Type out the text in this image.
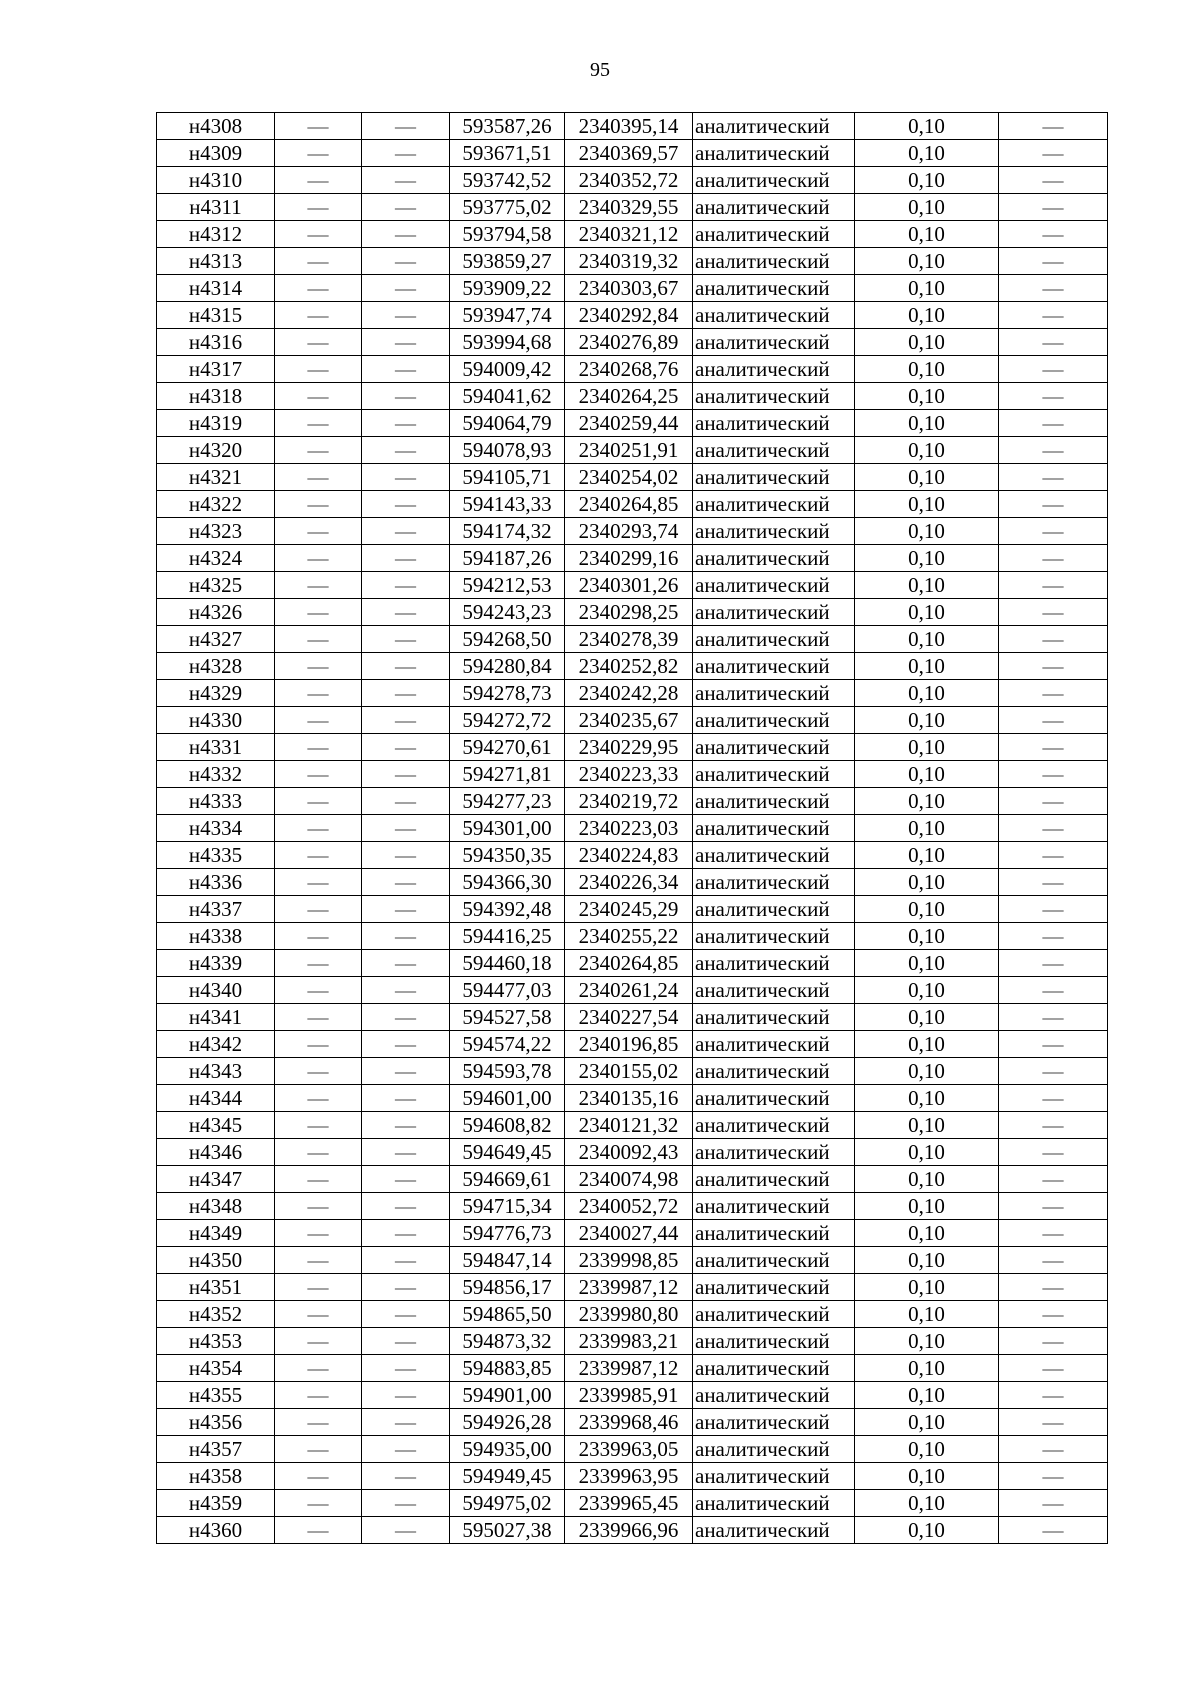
95
н4308	—	—	593587,26	2340395,14	аналитический	0,10	—
н4309	—	—	593671,51	2340369,57	аналитический	0,10	—
н4310	—	—	593742,52	2340352,72	аналитический	0,10	—
н4311	—	—	593775,02	2340329,55	аналитический	0,10	—
н4312	—	—	593794,58	2340321,12	аналитический	0,10	—
н4313	—	—	593859,27	2340319,32	аналитический	0,10	—
н4314	—	—	593909,22	2340303,67	аналитический	0,10	—
н4315	—	—	593947,74	2340292,84	аналитический	0,10	—
н4316	—	—	593994,68	2340276,89	аналитический	0,10	—
н4317	—	—	594009,42	2340268,76	аналитический	0,10	—
н4318	—	—	594041,62	2340264,25	аналитический	0,10	—
н4319	—	—	594064,79	2340259,44	аналитический	0,10	—
н4320	—	—	594078,93	2340251,91	аналитический	0,10	—
н4321	—	—	594105,71	2340254,02	аналитический	0,10	—
н4322	—	—	594143,33	2340264,85	аналитический	0,10	—
н4323	—	—	594174,32	2340293,74	аналитический	0,10	—
н4324	—	—	594187,26	2340299,16	аналитический	0,10	—
н4325	—	—	594212,53	2340301,26	аналитический	0,10	—
н4326	—	—	594243,23	2340298,25	аналитический	0,10	—
н4327	—	—	594268,50	2340278,39	аналитический	0,10	—
н4328	—	—	594280,84	2340252,82	аналитический	0,10	—
н4329	—	—	594278,73	2340242,28	аналитический	0,10	—
н4330	—	—	594272,72	2340235,67	аналитический	0,10	—
н4331	—	—	594270,61	2340229,95	аналитический	0,10	—
н4332	—	—	594271,81	2340223,33	аналитический	0,10	—
н4333	—	—	594277,23	2340219,72	аналитический	0,10	—
н4334	—	—	594301,00	2340223,03	аналитический	0,10	—
н4335	—	—	594350,35	2340224,83	аналитический	0,10	—
н4336	—	—	594366,30	2340226,34	аналитический	0,10	—
н4337	—	—	594392,48	2340245,29	аналитический	0,10	—
н4338	—	—	594416,25	2340255,22	аналитический	0,10	—
н4339	—	—	594460,18	2340264,85	аналитический	0,10	—
н4340	—	—	594477,03	2340261,24	аналитический	0,10	—
н4341	—	—	594527,58	2340227,54	аналитический	0,10	—
н4342	—	—	594574,22	2340196,85	аналитический	0,10	—
н4343	—	—	594593,78	2340155,02	аналитический	0,10	—
н4344	—	—	594601,00	2340135,16	аналитический	0,10	—
н4345	—	—	594608,82	2340121,32	аналитический	0,10	—
н4346	—	—	594649,45	2340092,43	аналитический	0,10	—
н4347	—	—	594669,61	2340074,98	аналитический	0,10	—
н4348	—	—	594715,34	2340052,72	аналитический	0,10	—
н4349	—	—	594776,73	2340027,44	аналитический	0,10	—
н4350	—	—	594847,14	2339998,85	аналитический	0,10	—
н4351	—	—	594856,17	2339987,12	аналитический	0,10	—
н4352	—	—	594865,50	2339980,80	аналитический	0,10	—
н4353	—	—	594873,32	2339983,21	аналитический	0,10	—
н4354	—	—	594883,85	2339987,12	аналитический	0,10	—
н4355	—	—	594901,00	2339985,91	аналитический	0,10	—
н4356	—	—	594926,28	2339968,46	аналитический	0,10	—
н4357	—	—	594935,00	2339963,05	аналитический	0,10	—
н4358	—	—	594949,45	2339963,95	аналитический	0,10	—
н4359	—	—	594975,02	2339965,45	аналитический	0,10	—
н4360	—	—	595027,38	2339966,96	аналитический	0,10	—
